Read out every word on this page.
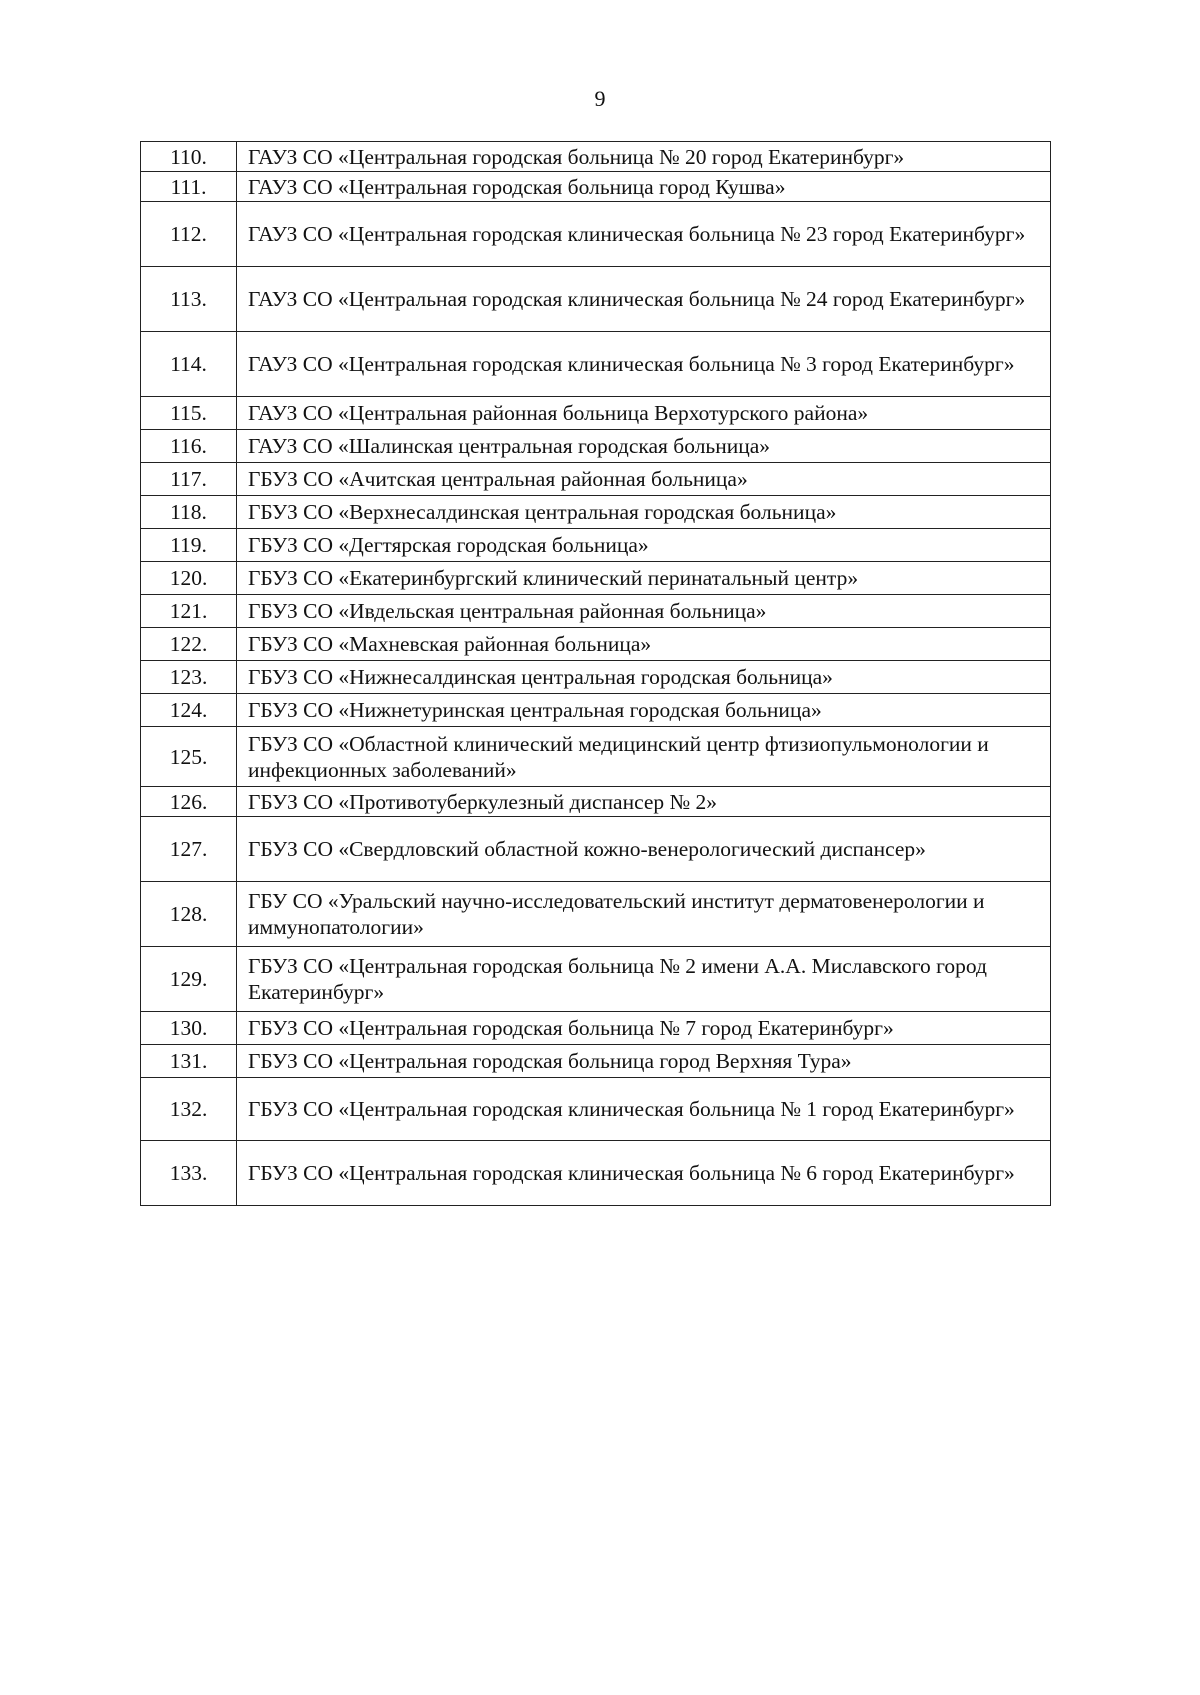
9
110.	ГАУЗ СО «Центральная городская больница № 20 город Екатеринбург»
111.	ГАУЗ СО «Центральная городская больница город Кушва»
112.	ГАУЗ СО «Центральная городская клиническая больница № 23 город Екатеринбург»
113.	ГАУЗ СО «Центральная городская клиническая больница № 24 город Екатеринбург»
114.	ГАУЗ СО «Центральная городская клиническая больница № 3 город Екатеринбург»
115.	ГАУЗ СО «Центральная районная больница Верхотурского района»
116.	ГАУЗ СО «Шалинская центральная городская больница»
117.	ГБУЗ СО «Ачитская центральная районная больница»
118.	ГБУЗ СО «Верхнесалдинская центральная городская больница»
119.	ГБУЗ СО «Дегтярская городская больница»
120.	ГБУЗ СО «Екатеринбургский клинический перинатальный центр»
121.	ГБУЗ СО «Ивдельская центральная районная больница»
122.	ГБУЗ СО «Махневская районная больница»
123.	ГБУЗ СО «Нижнесалдинская центральная городская больница»
124.	ГБУЗ СО «Нижнетуринская центральная городская больница»
125.	ГБУЗ СО «Областной клинический медицинский центр фтизиопульмонологии и инфекционных заболеваний»
126.	ГБУЗ СО «Противотуберкулезный диспансер № 2»
127.	ГБУЗ СО «Свердловский областной кожно-венерологический диспансер»
128.	ГБУ СО «Уральский научно-исследовательский институт дерматовенерологии и иммунопатологии»
129.	ГБУЗ СО «Центральная городская больница № 2 имени А.А. Миславского город Екатеринбург»
130.	ГБУЗ СО «Центральная городская больница № 7 город Екатеринбург»
131.	ГБУЗ СО «Центральная городская больница город Верхняя Тура»
132.	ГБУЗ СО «Центральная городская клиническая больница № 1 город Екатеринбург»
133.	ГБУЗ СО «Центральная городская клиническая больница № 6 город Екатеринбург»
